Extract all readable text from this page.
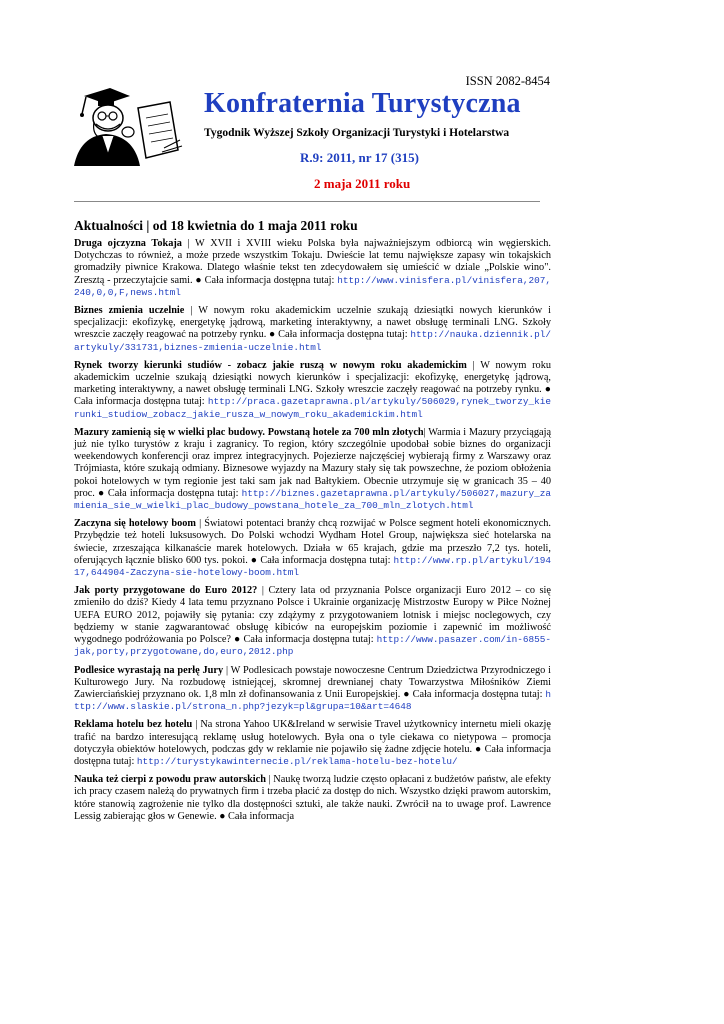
ISSN 2082-8454
Konfraternia Turystyczna
Tygodnik Wyższej Szkoły Organizacji Turystyki i Hotelarstwa
R.9: 2011, nr 17 (315)
2 maja 2011 roku
Aktualności | od 18 kwietnia do 1 maja 2011 roku

Druga ojczyzna Tokaja | W XVII i XVIII wieku Polska była najważniejszym odbiorcą win węgierskich. Dotychczas to również, a może przede wszystkim Tokaju. Dwieście lat temu największe zapasy win tokajskich gromadziły piwnice Krakowa. Dlatego właśnie tekst ten zdecydowałem się umieścić w dziale „Polskie wino". Zresztą - przeczytajcie sami. ● Cała informacja dostępna tutaj: http://www.vinisfera.pl/vinisfera,207,240,0,0,F,news.html

Biznes zmienia uczelnie | W nowym roku akademickim uczelnie szukają dziesiątki nowych kierunków i specjalizacji: ekofizykę, energetykę jądrową, marketing interaktywny, a nawet obsługę terminali LNG. Szkoły wreszcie zaczęły reagować na potrzeby rynku. ● Cała informacja dostępna tutaj: http://nauka.dziennik.pl/artykuly/331731,biznes-zmienia-uczelnie.html

Rynek tworzy kierunki studiów - zobacz jakie ruszą w nowym roku akademickim | W nowym roku akademickim uczelnie szukają dziesiątki nowych kierunków i specjalizacji: ekofizykę, energetykę jądrową, marketing interaktywny, a nawet obsługę terminali LNG. Szkoły wreszcie zaczęły reagować na potrzeby rynku. ● Cała informacja dostępna tutaj: http://praca.gazetaprawna.pl/artykuly/506029,rynek_tworzy_kierunki_studiow_zobacz_jakie_rusza_w_nowym_roku_akademickim.html

Mazury zamienią się w wielki plac budowy. Powstaną hotele za 700 mln złotych| Warmia i Mazury przyciągają już nie tylko turystów z kraju i zagranicy. To region, który szczególnie upodobał sobie biznes do organizacji weekendowych konferencji oraz imprez integracyjnych. Pojezierze najczęściej wybierają firmy z Warszawy oraz Trójmiasta, które szukają odmiany. Biznesowe wyjazdy na Mazury stały się tak powszechne, że poziom obłożenia pokoi hotelowych w tym regionie jest taki sam jak nad Bałtykiem. Obecnie utrzymuje się w granicach 35 – 40 proc. ● Cała informacja dostępna tutaj: http://biznes.gazetaprawna.pl/artykuly/506027,mazury_zamienia_sie_w_wielki_plac_budowy_powstana_hotele_za_700_mln_zlotych.html

Zaczyna się hotelowy boom | Światowi potentaci branży chcą rozwijać w Polsce segment hoteli ekonomicznych. Przybędzie też hoteli luksusowych. Do Polski wchodzi Wydham Hotel Group, największa sieć hotelarska na świecie, zrzeszająca kilkanaście marek hotelowych. Działa w 65 krajach, gdzie ma przeszło 7,2 tys. hoteli, oferujących łącznie blisko 600 tys. pokoi. ● Cała informacja dostępna tutaj: http://www.rp.pl/artykul/19417,644904-Zaczyna-sie-hotelowy-boom.html

Jak porty przygotowane do Euro 2012? | Cztery lata od przyznania Polsce organizacji Euro 2012 – co się zmieniło do dziś? Kiedy 4 lata temu przyznano Polsce i Ukrainie organizację Mistrzostw Europy w Piłce Nożnej UEFA EURO 2012, pojawiły się pytania: czy zdążymy z przygotowaniem lotnisk i miejsc noclegowych, czy będziemy w stanie zagwarantować obsługę kibiców na europejskim poziomie i zapewnić im możliwość wygodnego podróżowania po Polsce? ● Cała informacja dostępna tutaj: http://www.pasazer.com/in-6855-jak,porty,przygotowane,do,euro,2012.php

Podlesice wyrastają na perłę Jury | W Podlesicach powstaje nowoczesne Centrum Dziedzictwa Przyrodniczego i Kulturowego Jury. Na rozbudowę istniejącej, skromnej drewnianej chaty Towarzystwa Miłośników Ziemi Zawierciańskiej przyznano ok. 1,8 mln zł dofinansowania z Unii Europejskiej. ● Cała informacja dostępna tutaj: http://www.slaskie.pl/strona_n.php?jezyk=pl&grupa=10&art=4648

Reklama hotelu bez hotelu | Na strona Yahoo UK&Ireland w serwisie Travel użytkownicy internetu mieli okazję trafić na bardzo interesującą reklamę usług hotelowych. Była ona o tyle ciekawa co nietypowa – promocja dotyczyła obiektów hotelowych, podczas gdy w reklamie nie pojawiło się żadne zdjęcie hotelu. ● Cała informacja dostępna tutaj: http://turystykawinternecie.pl/reklama-hotelu-bez-hotelu/

Nauka też cierpi z powodu praw autorskich | Naukę tworzą ludzie często opłacani z budżetów państw, ale efekty ich pracy czasem należą do prywatnych firm i trzeba płacić za dostęp do nich. Wszystko dzięki prawom autorskim, które stanowią zagrożenie nie tylko dla dostępności sztuki, ale także nauki. Zwrócił na to uwage prof. Lawrence Lessig zabierając głos w Genewie. ● Cała informacja
